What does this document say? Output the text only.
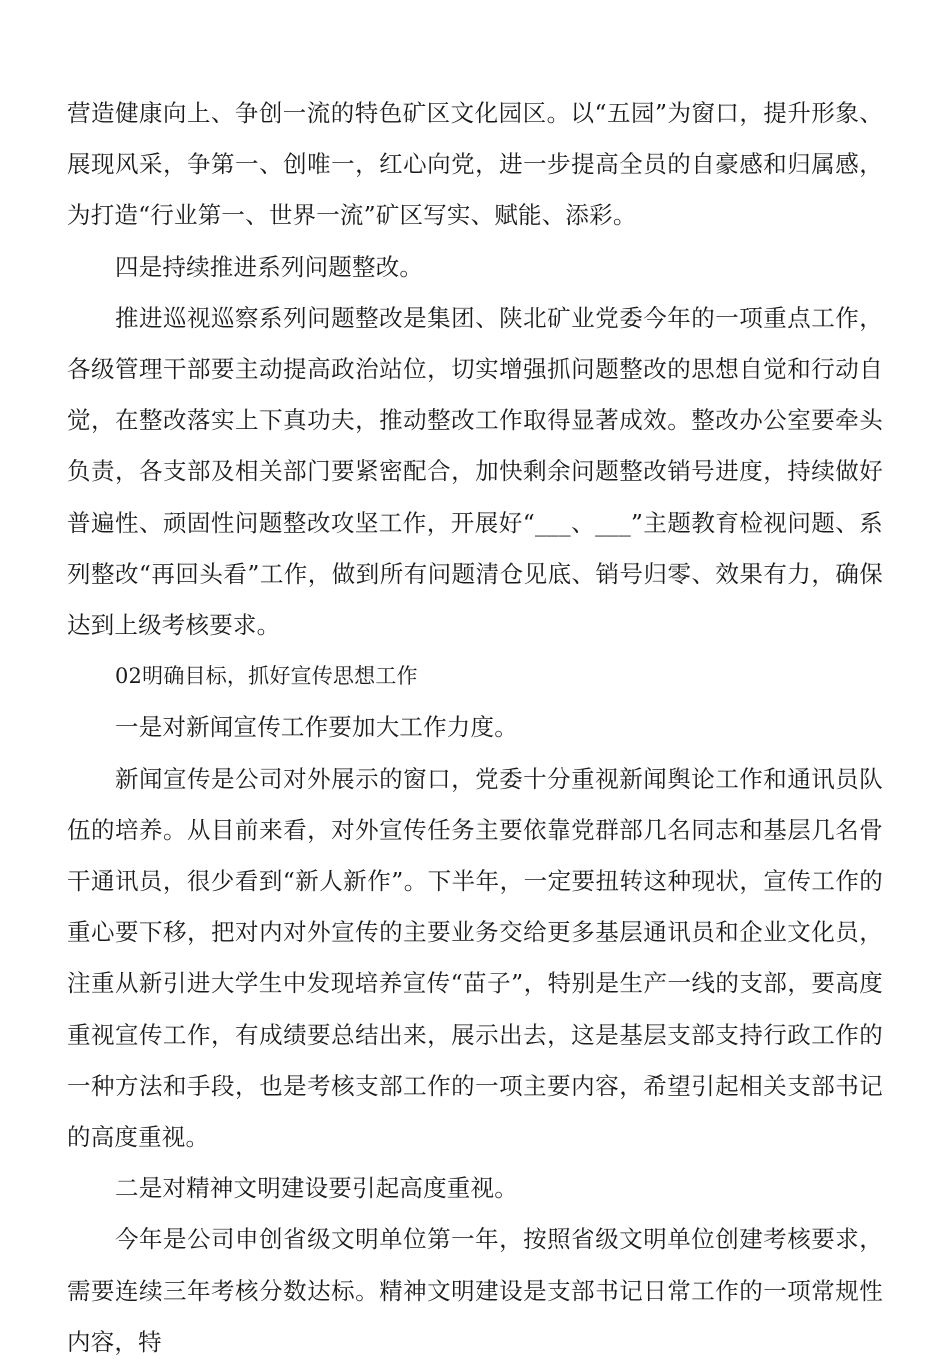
营造健康向上、争创一流的特色矿区文化园区。以“五园”为窗口，提升形象、展现风采，争第一、创唯一，红心向党，进一步提高全员的自豪感和归属感，为打造“行业第一、世界一流”矿区写实、赋能、添彩。

四是持续推进系列问题整改。

推进巡视巡察系列问题整改是集团、陕北矿业党委今年的一项重点工作，各级管理干部要主动提高政治站位，切实增强抓问题整改的思想自觉和行动自觉，在整改落实上下真功夫，推动整改工作取得显著成效。整改办公室要牵头负责，各支部及相关部门要紧密配合，加快剩余问题整改销号进度，持续做好普遍性、顽固性问题整改攻坚工作，开展好“___、___”主题教育检视问题、系列整改“再回头看”工作，做到所有问题清仓见底、销号归零、效果有力，确保达到上级考核要求。

02明确目标，抓好宣传思想工作

一是对新闻宣传工作要加大工作力度。

新闻宣传是公司对外展示的窗口，党委十分重视新闻舆论工作和通讯员队伍的培养。从目前来看，对外宣传任务主要依靠党群部几名同志和基层几名骨干通讯员，很少看到“新人新作”。下半年，一定要扭转这种现状，宣传工作的重心要下移，把对内对外宣传的主要业务交给更多基层通讯员和企业文化员，注重从新引进大学生中发现培养宣传“苗子”，特别是生产一线的支部，要高度重视宣传工作，有成绩要总结出来，展示出去，这是基层支部支持行政工作的一种方法和手段，也是考核支部工作的一项主要内容，希望引起相关支部书记的高度重视。

二是对精神文明建设要引起高度重视。

今年是公司申创省级文明单位第一年，按照省级文明单位创建考核要求，需要连续三年考核分数达标。精神文明建设是支部书记日常工作的一项常规性内容，特
